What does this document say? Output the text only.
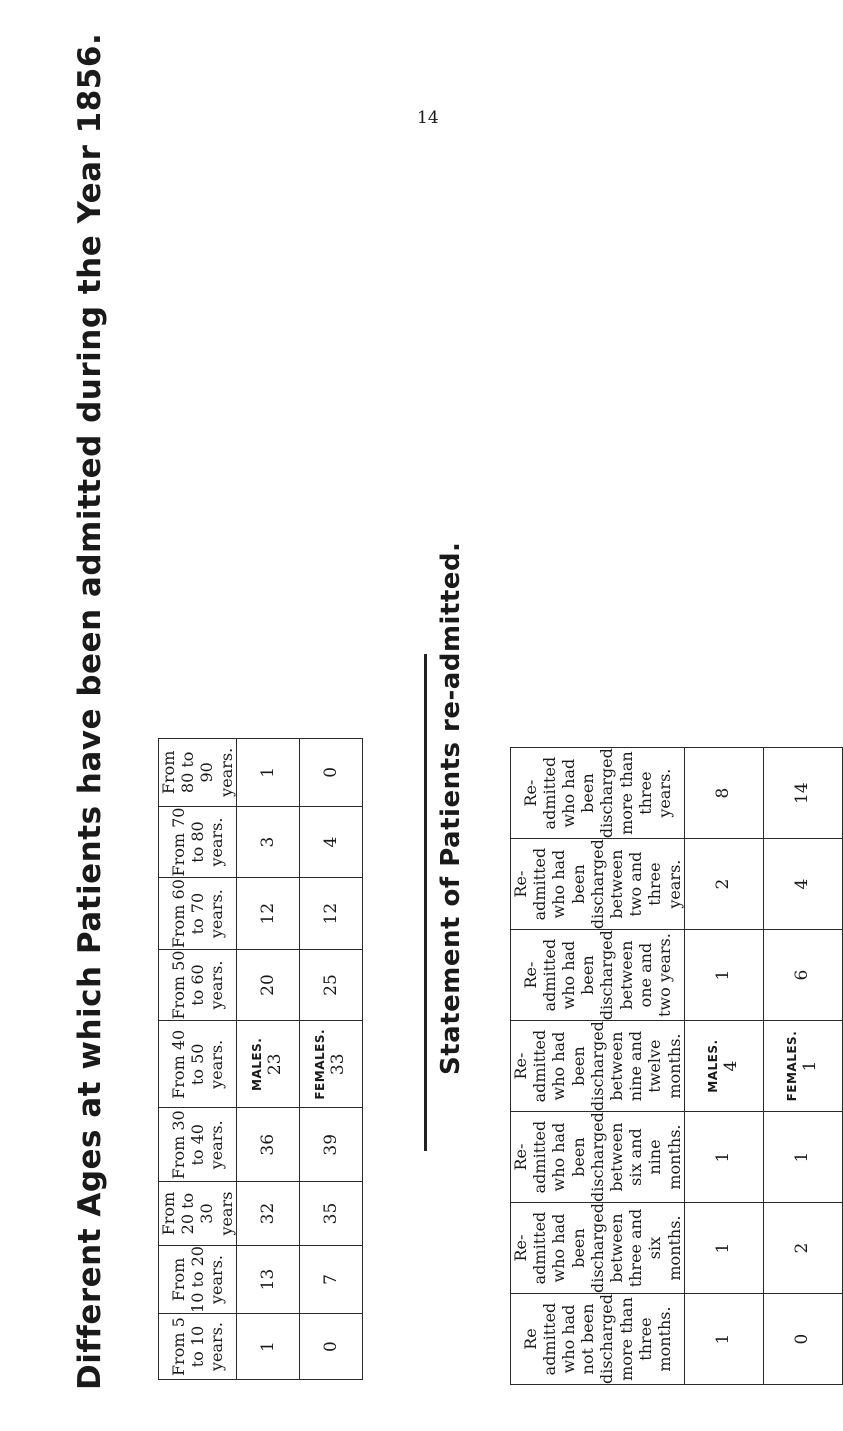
14
Different Ages at which Patients have been admitted during the Year 1856.	From 5 to 10 years.	From 10 to 20 years.	From 20 to 30 years	From 30 to 40 years.	From 40 to 50 years.	From 50 to 60 years.	From 60 to 70 years.	From 70 to 80 years.	From 80 to 90 years.
1	13	32	36	MALES. 23	20	12	3	1
0	7	35	39	FEMALES. 33	25	12	4	0	Statement of Patients re-admitted.
Re admitted who had not been discharged more than three months.	Re-admitted who had been discharged between three and six months.	Re-admitted who had been discharged between six and nine months.	Re-admitted who had been discharged between nine and twelve months.	Re-admitted who had been discharged between one and two years.	Re-admitted who had been discharged between two and three years.	Re-admitted who had been discharged more than three years.
1	1	1	MALES. 4	1	2	8
0	2	1	FEMALES. 1	6	4	14
